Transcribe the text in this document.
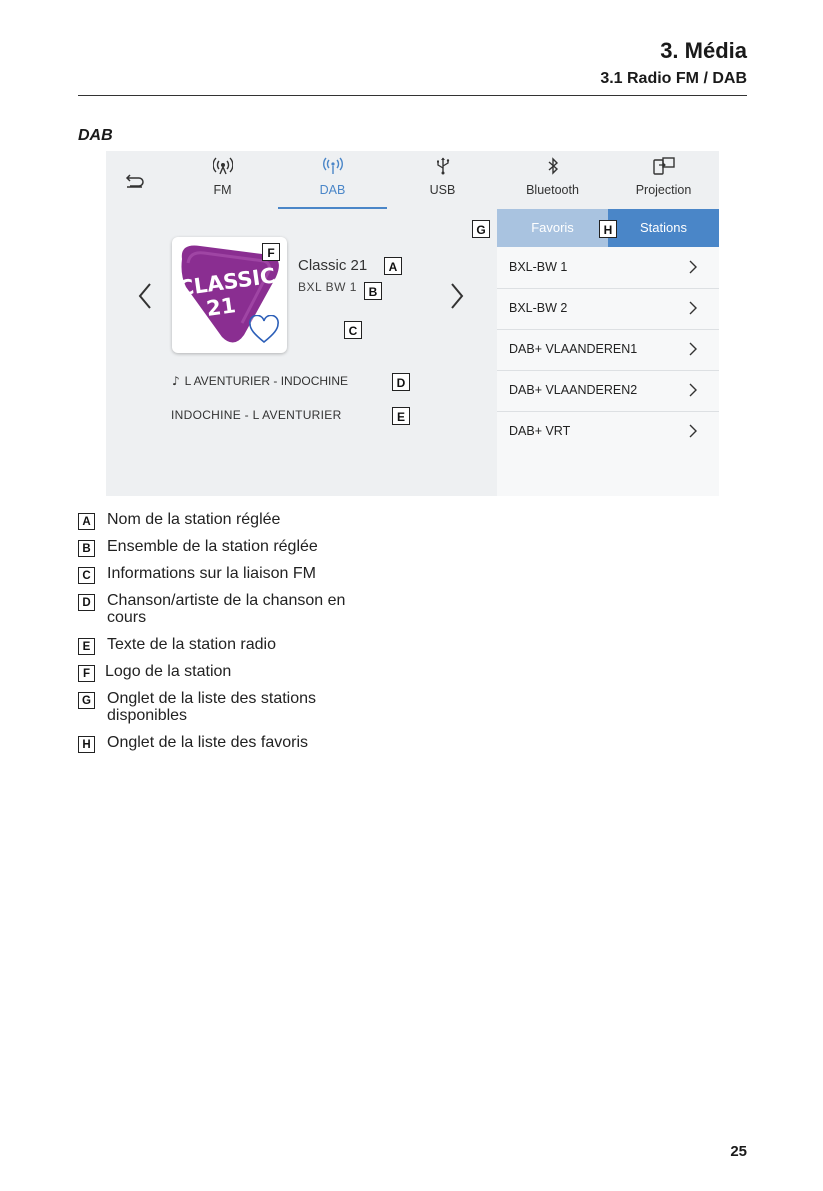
3. Média
3.1 Radio FM / DAB
DAB
FM	DAB	USB	Bluetooth	Projection
CLASSIC
21
F
Classic 21	A
BXL BW 1 B
C
♪ L AVENTURIER - INDOCHINE	D
INDOCHINE - L AVENTURIER	E
Favoris	Stations
BXL-BW 1
BXL-BW 2
DAB+ VLAANDEREN1
DAB+ VLAANDEREN2
DAB+ VRT
G	H
A Nom de la station réglée
B Ensemble de la station réglée
C Informations sur la liaison FM
D Chanson/artiste de la chanson en
cours
E Texte de la station radio
F Logo de la station
G Onglet de la liste des stations
disponibles
H Onglet de la liste des favoris
25
